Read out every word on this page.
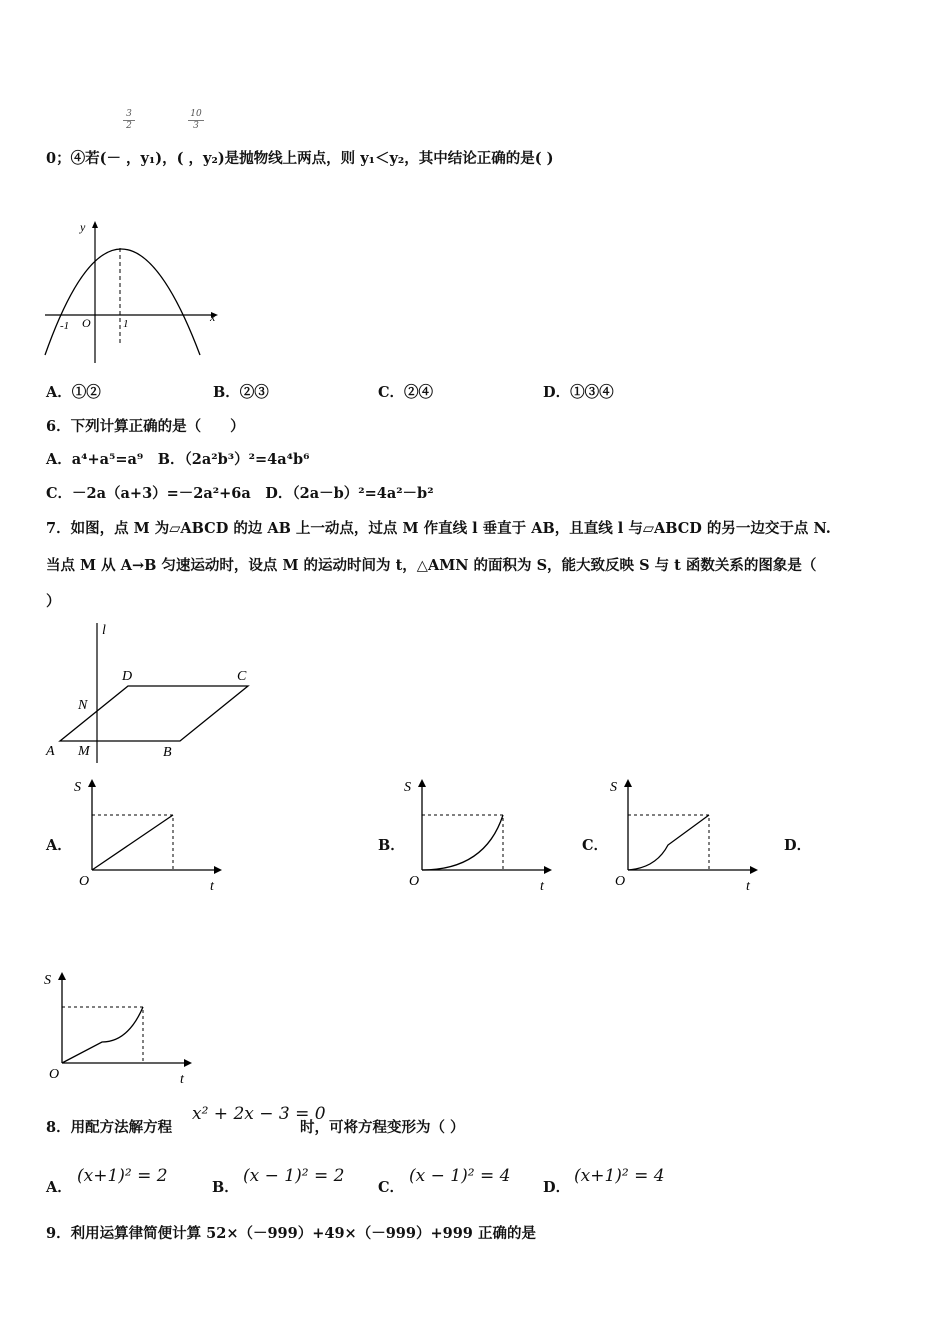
$\frac{3}{2}$	$\frac{10}{3}$
0；④若(－ ，y₁)，( ，y₂)是抛物线上两点，则 y₁＜y₂，其中结论正确的是( )
y
x
O
-1	1
A．①②	B．②③	C．②④	D．①③④
6．下列计算正确的是（　　）
A．a⁴+a⁵=a⁹　B．（2a²b³）²=4a⁴b⁶
C．－2a（a+3）=－2a²+6a　D．（2a－b）²=4a²－b²
7．如图，点 M 为▱ABCD 的边 AB 上一动点，过点 M 作直线 l 垂直于 AB，且直线 l 与▱ABCD 的另一边交于点 N.
当点 M 从 A→B 匀速运动时，设点 M 的运动时间为 t，△AMN 的面积为 S，能大致反映 S 与 t 函数关系的图象是（
）
l
D	C
N
A M	B
A．	B．	C．	D．
S
O	t
S
O	t
S
O	t
S
O	t
8．用配方法解方程
x² + 2x − 3 = 0
时，可将方程变形为（ ）
A．
(x+1)² = 2
B．
(x − 1)² = 2
C．
(x − 1)² = 4
D．
(x+1)² = 4
9．利用运算律简便计算 52×（－999）+49×（－999）+999 正确的是
